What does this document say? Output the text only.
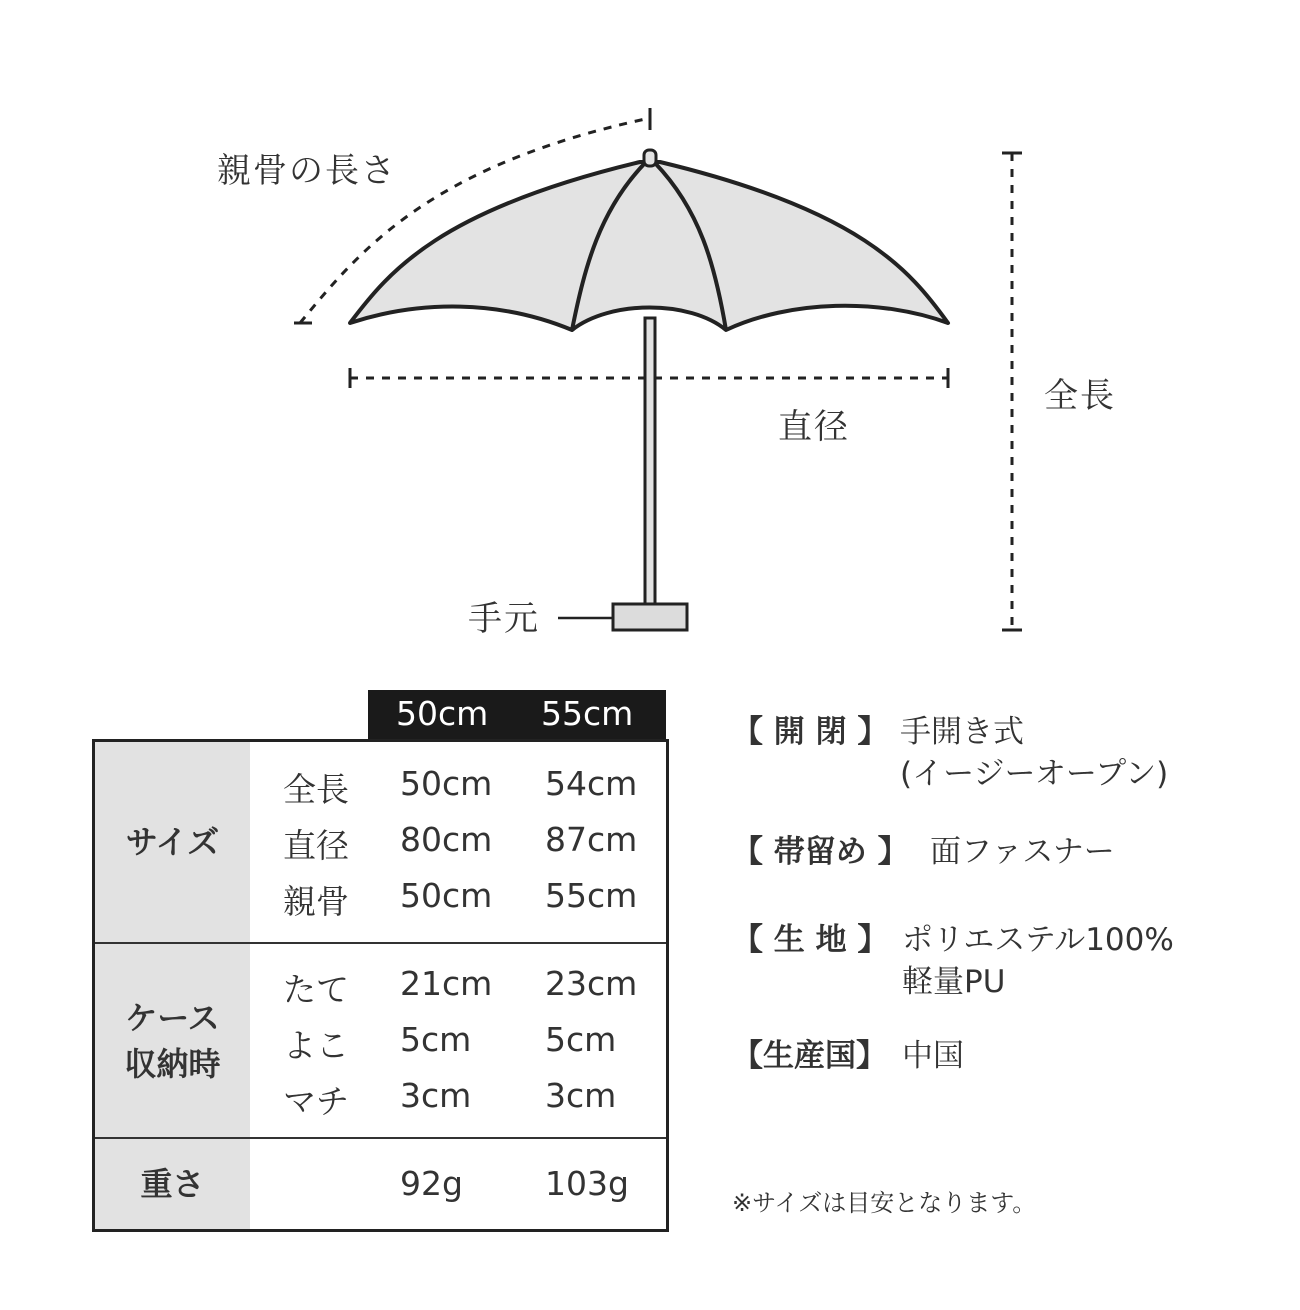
親骨の長さ
全長
直径
手元
50cm 55cm
サイズ
全長 50cm 54cm
直径 80cm 87cm
親骨 50cm 55cm
ケース
収納時
たて 21cm 23cm
よこ 5cm 5cm
マチ 3cm 3cm
重さ	92g 103g
【 開 閉 】 手開き式
(イージーオープン)
【 帯留め 】 面ファスナー
【 生 地 】 ポリエステル100%
軽量PU
【生産国】 中国
※サイズは目安となります。
